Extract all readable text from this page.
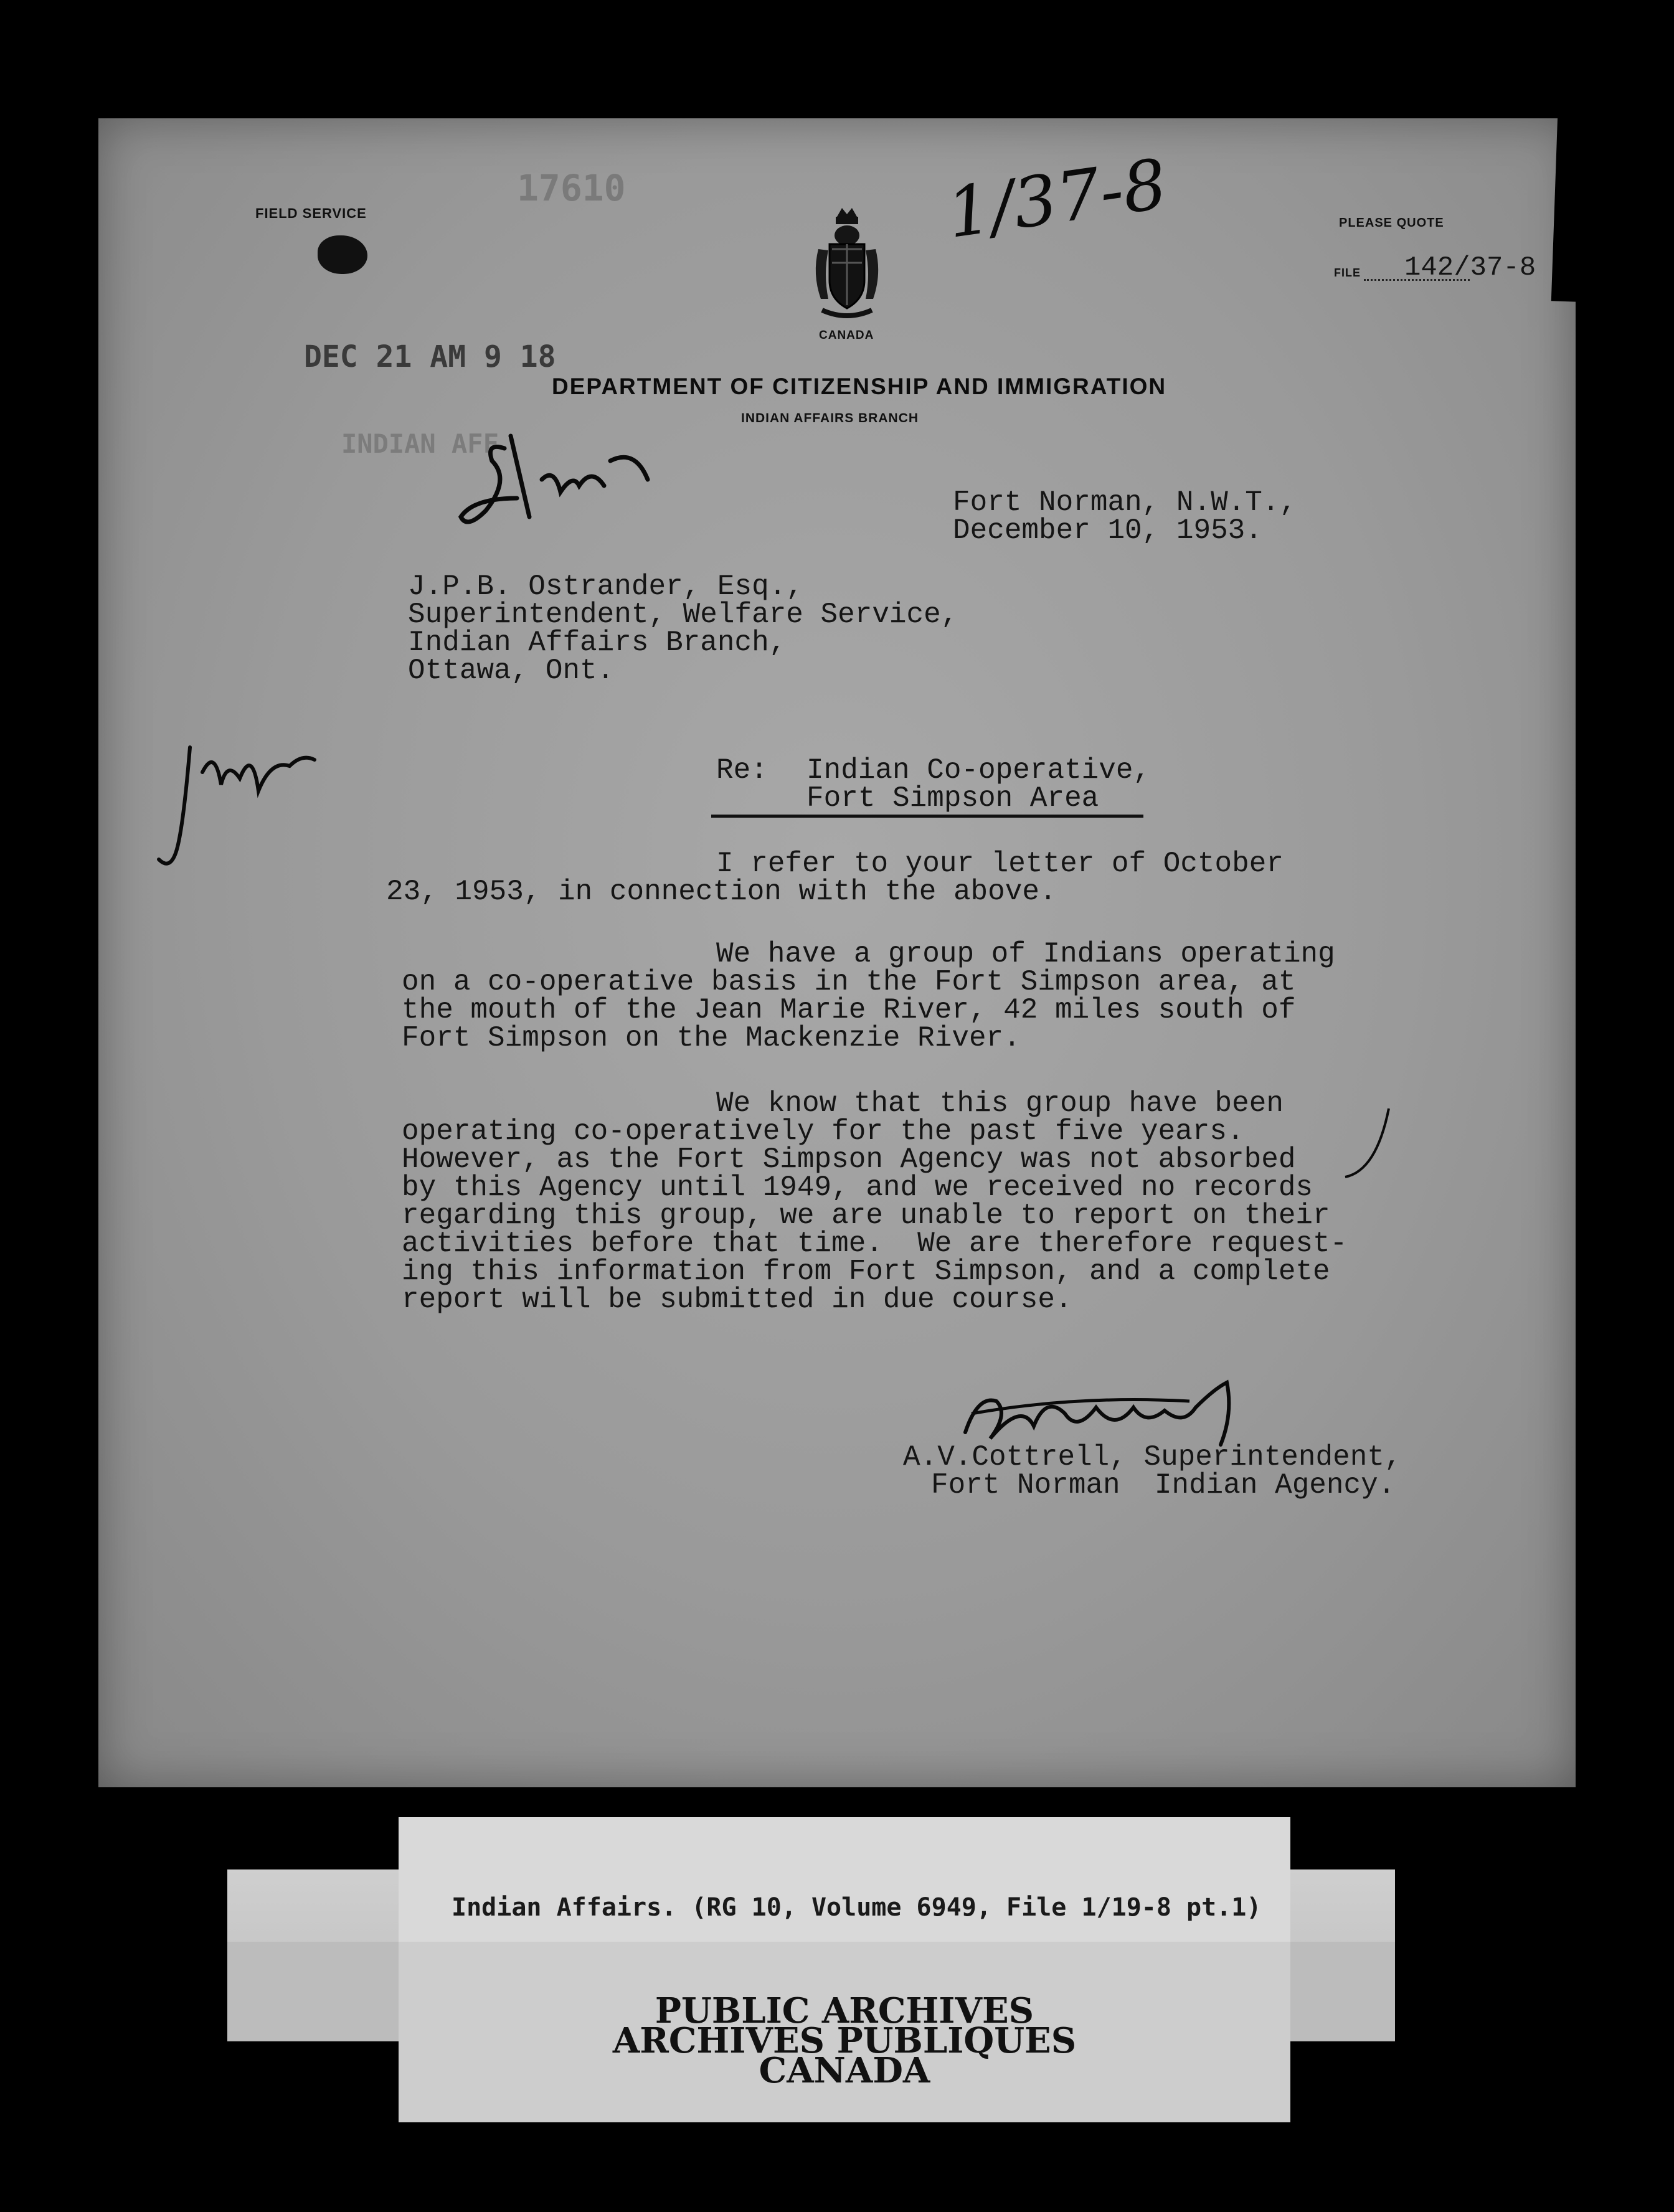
FIELD SERVICE
17610	1/37-8	PLEASE QUOTE
FILE 142/37-8
CANADA
DEC 21 AM 9 18
DEPARTMENT OF CITIZENSHIP AND IMMIGRATION
INDIAN AFFAIRS BRANCH
INDIAN AFF
Fort Norman, N.W.T.,
December 10, 1953.
J.P.B. Ostrander, Esq.,
Superintendent, Welfare Service,
Indian Affairs Branch,
Ottawa, Ont.
Re: Indian Co-operative,
Fort Simpson Area
I refer to your letter of October
23, 1953, in connection with the above.
We have a group of Indians operating
on a co-operative basis in the Fort Simpson area, at
the mouth of the Jean Marie River, 42 miles south of
Fort Simpson on the Mackenzie River.
We know that this group have been
operating co-operatively for the past five years.
However, as the Fort Simpson Agency was not absorbed
by this Agency until 1949, and we received no records
regarding this group, we are unable to report on their
activities before that time.  We are therefore request-
ing this information from Fort Simpson, and a complete
report will be submitted in due course.
A.V.Cottrell, Superintendent,
Fort Norman  Indian Agency.
Indian Affairs. (RG 10, Volume 6949, File 1/19-8 pt.1)
PUBLIC ARCHIVES
ARCHIVES PUBLIQUES
CANADA
